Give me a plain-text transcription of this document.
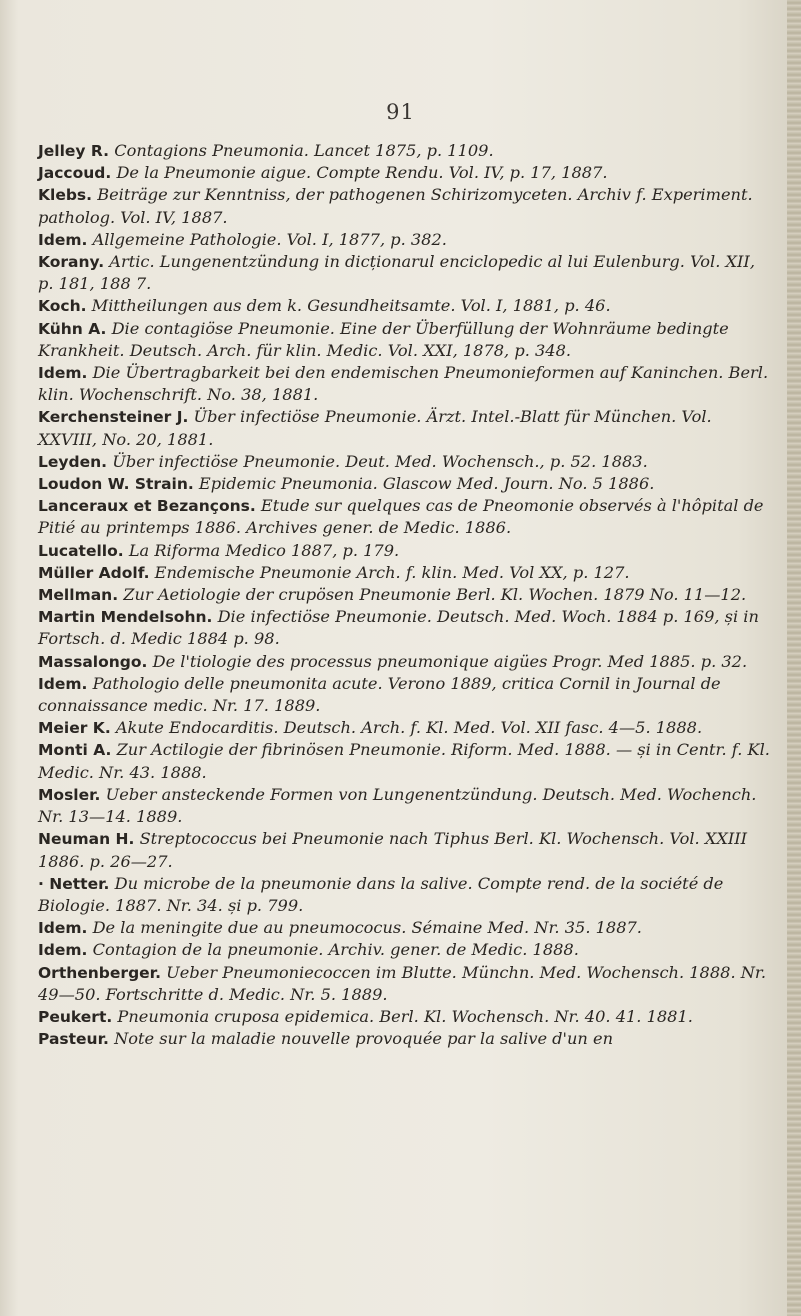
91
Jelley R. Contagions Pneumonia. Lancet 1875, p. 1109.
Jaccoud. De la Pneumonie aigue. Compte Rendu. Vol. IV, p. 17, 1887.
Klebs. Beiträge zur Kenntniss, der pathogenen Schirizomyceten. Archiv f. Experiment. patholog. Vol. IV, 1887.
Idem. Allgemeine Pathologie. Vol. I, 1877, p. 382.
Korany. Artic. Lungenentzündung in dicționarul enciclopedic al lui Eulenburg. Vol. XII, p. 181, 188 7.
Koch. Mittheilungen aus dem k. Gesundheitsamte. Vol. I, 1881, p. 46.
Kühn A. Die contagiöse Pneumonie. Eine der Überfüllung der Wohnräume bedingte Krankheit. Deutsch. Arch. für klin. Medic. Vol. XXI, 1878, p. 348.
Idem. Die Übertragbarkeit bei den endemischen Pneumonieformen auf Kaninchen. Berl. klin. Wochenschrift. No. 38, 1881.
Kerchensteiner J. Über infectiöse Pneumonie. Ärzt. Intel.-Blatt für München. Vol. XXVIII, No. 20, 1881.
Leyden. Über infectiöse Pneumonie. Deut. Med. Wochensch., p. 52. 1883.
Loudon W. Strain. Epidemic Pneumonia. Glascow Med. Journ. No. 5 1886.
Lanceraux et Bezançons. Etude sur quelques cas de Pneomonie observés à l'hôpital de Pitié au printemps 1886. Archives gener. de Medic. 1886.
Lucatello. La Riforma Medico 1887, p. 179.
Müller Adolf. Endemische Pneumonie Arch. f. klin. Med. Vol XX, p. 127.
Mellman. Zur Aetiologie der crupösen Pneumonie Berl. Kl. Wochen. 1879 No. 11—12.
Martin Mendelsohn. Die infectiöse Pneumonie. Deutsch. Med. Woch. 1884 p. 169, și in Fortsch. d. Medic 1884 p. 98.
Massalongo. De l'tiologie des processus pneumonique aigües Progr. Med 1885. p. 32.
Idem. Pathologio delle pneumonita acute. Verono 1889, critica Cornil in Journal de connaissance medic. Nr. 17. 1889.
Meier K. Akute Endocarditis. Deutsch. Arch. f. Kl. Med. Vol. XII fasc. 4—5. 1888.
Monti A. Zur Actilogie der fibrinösen Pneumonie. Riform. Med. 1888. — și in Centr. f. Kl. Medic. Nr. 43. 1888.
Mosler. Ueber ansteckende Formen von Lungenentzündung. Deutsch. Med. Wochench. Nr. 13—14. 1889.
Neuman H. Streptococcus bei Pneumonie nach Tiphus Berl. Kl. Wochensch. Vol. XXIII 1886. p. 26—27.
· Netter. Du microbe de la pneumonie dans la salive. Compte rend. de la société de Biologie. 1887. Nr. 34. și p. 799.
Idem. De la meningite due au pneumococus. Sémaine Med. Nr. 35. 1887.
Idem. Contagion de la pneumonie. Archiv. gener. de Medic. 1888.
Orthenberger. Ueber Pneumoniecoccen im Blutte. Münchn. Med. Wochensch. 1888. Nr. 49—50. Fortschritte d. Medic. Nr. 5. 1889.
Peukert. Pneumonia cruposa epidemica. Berl. Kl. Wochensch. Nr. 40. 41. 1881.
Pasteur. Note sur la maladie nouvelle provoquée par la salive d'un en
